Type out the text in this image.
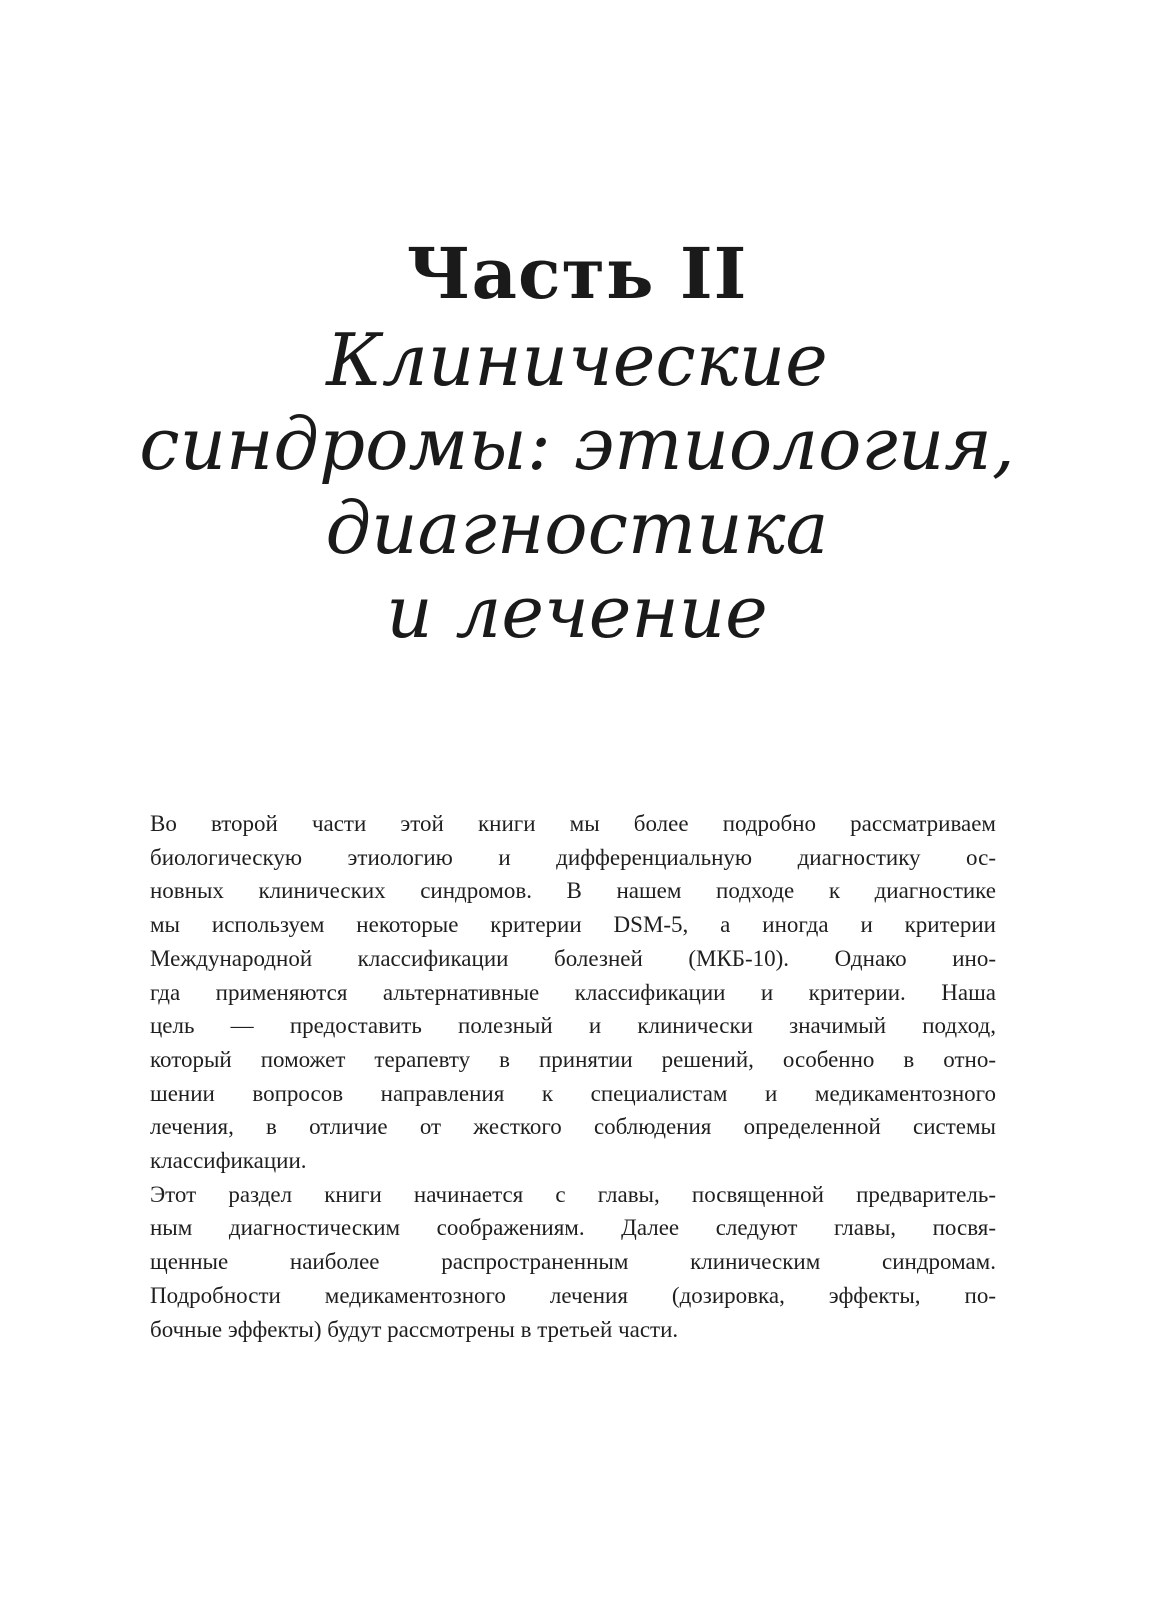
Часть II
Клинические
синдромы: этиология,
диагностика
и лечение
Во второй части этой книги мы более подробно рассматриваем
биологическую этиологию и дифференциальную диагностику ос-
новных клинических синдромов. В нашем подходе к диагностике
мы используем некоторые критерии DSM-5, а иногда и критерии
Международной классификации болезней (МКБ-10). Однако ино-
гда применяются альтернативные классификации и критерии. Наша
цель — предоставить полезный и клинически значимый подход,
который поможет терапевту в принятии решений, особенно в отно-
шении вопросов направления к специалистам и медикаментозного
лечения, в отличие от жесткого соблюдения определенной системы
классификации.
Этот раздел книги начинается с главы, посвященной предваритель-
ным диагностическим соображениям. Далее следуют главы, посвя-
щенные наиболее распространенным клиническим синдромам.
Подробности медикаментозного лечения (дозировка, эффекты, по-
бочные эффекты) будут рассмотрены в третьей части.
